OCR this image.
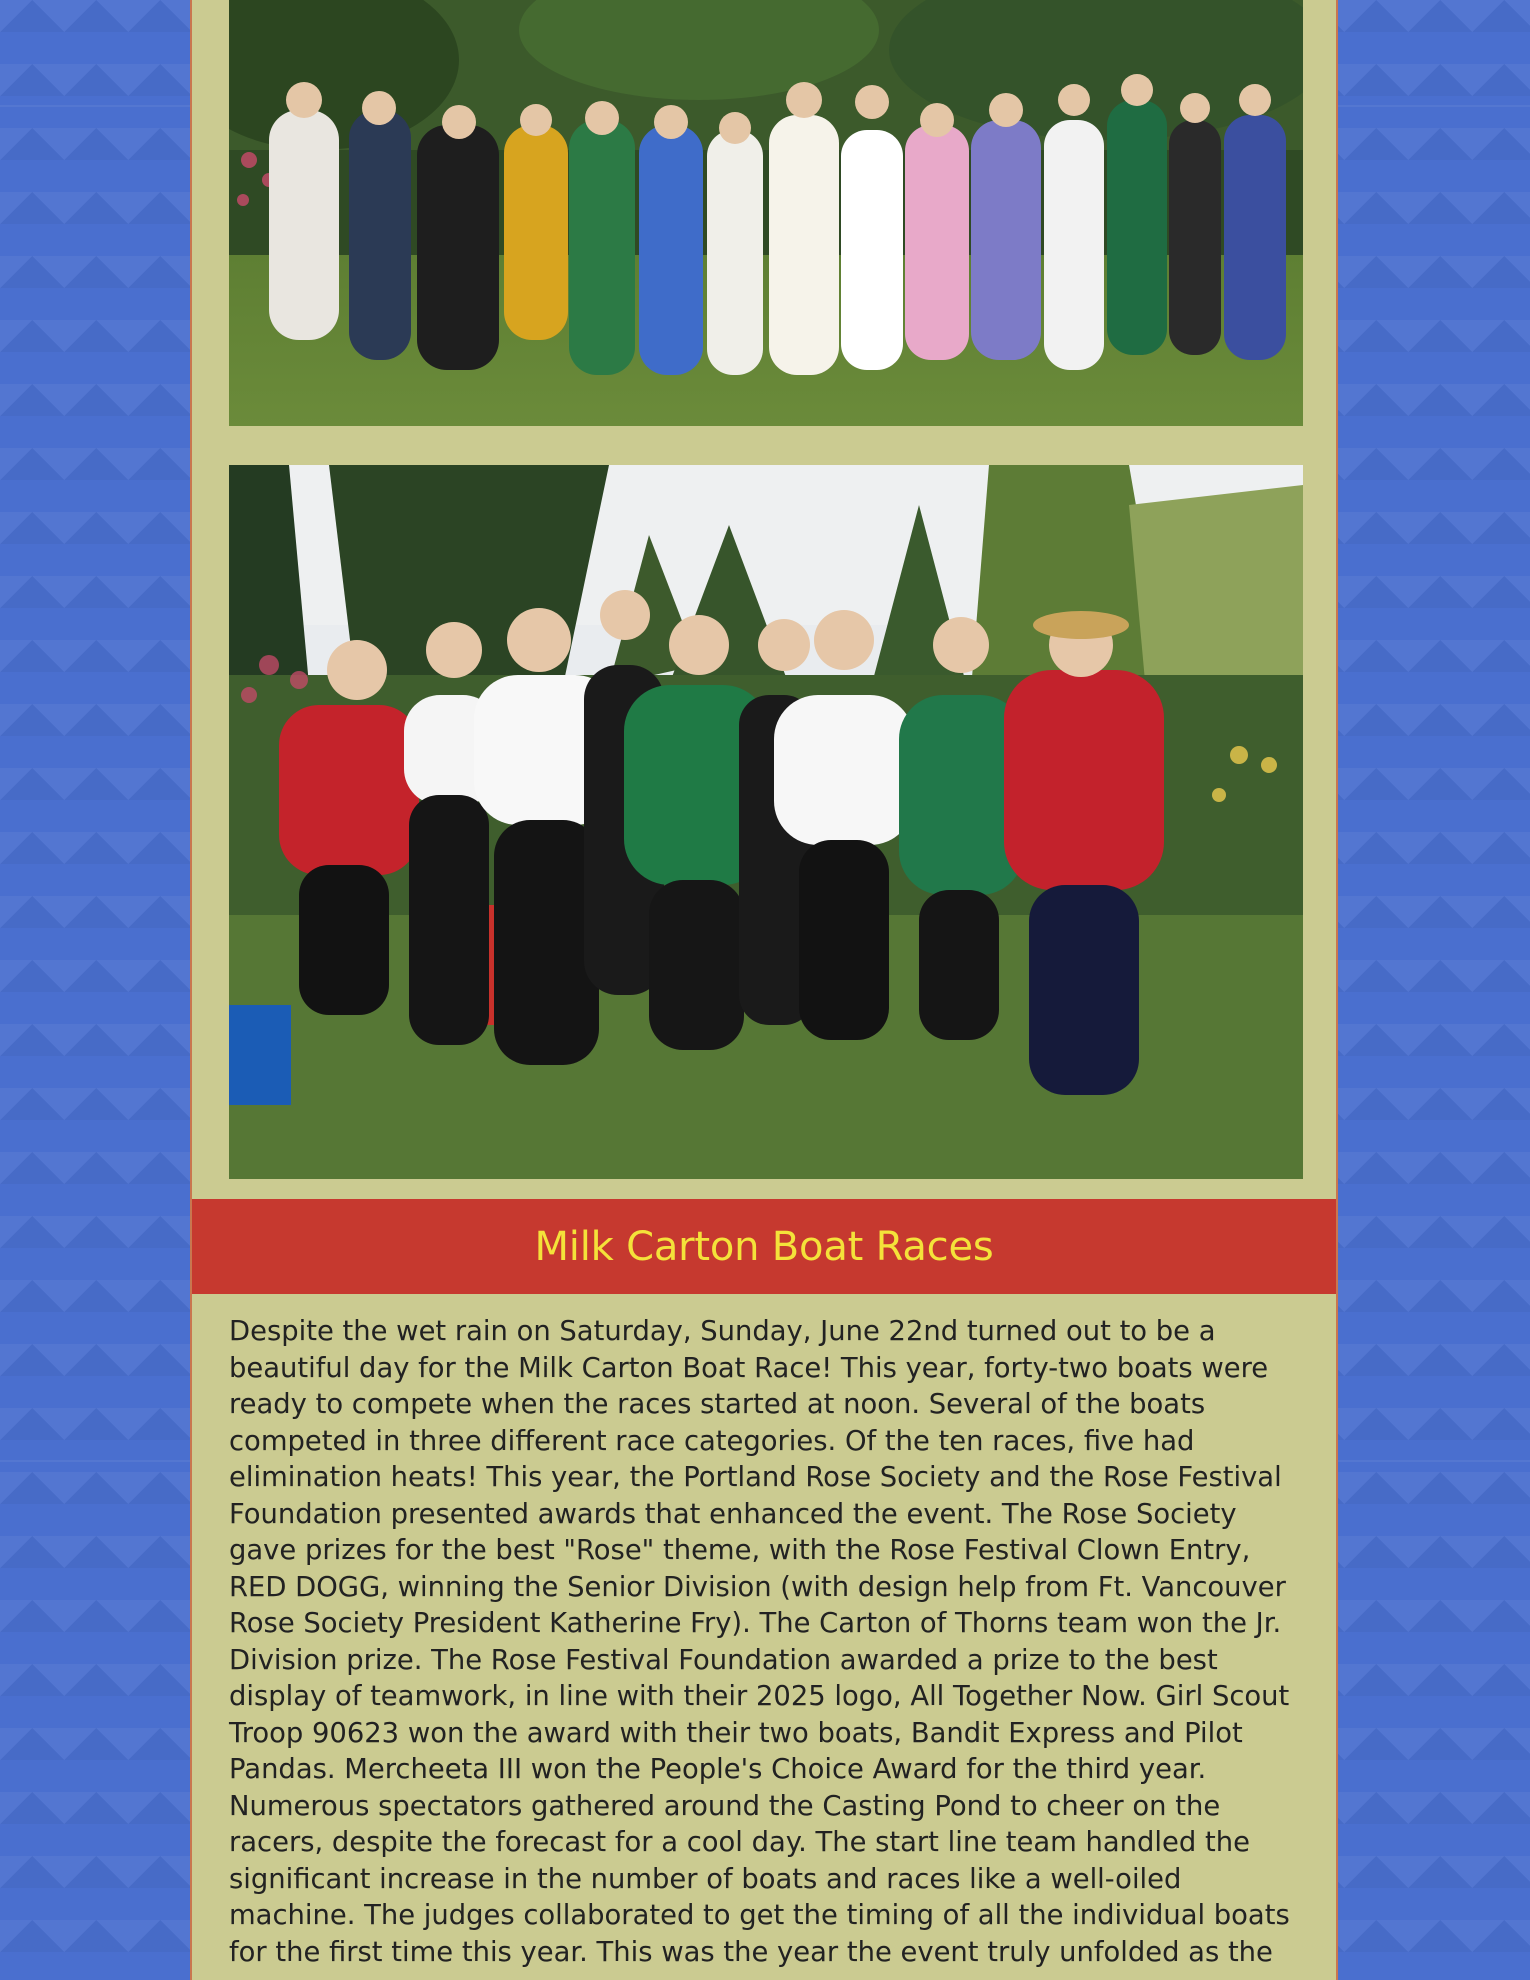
Milk Carton Boat Races

Despite the wet rain on Saturday, Sunday, June 22nd turned out to be a beautiful day for the Milk Carton Boat Race! This year, forty-two boats were ready to compete when the races started at noon. Several of the boats competed in three different race categories. Of the ten races, five had elimination heats! This year, the Portland Rose Society and the Rose Festival Foundation presented awards that enhanced the event. The Rose Society gave prizes for the best "Rose" theme, with the Rose Festival Clown Entry, RED DOGG, winning the Senior Division (with design help from Ft. Vancouver Rose Society President Katherine Fry). The Carton of Thorns team won the Jr. Division prize. The Rose Festival Foundation awarded a prize to the best display of teamwork, in line with their 2025 logo, All Together Now. Girl Scout Troop 90623 won the award with their two boats, Bandit Express and Pilot Pandas. Mercheeta III won the People's Choice Award for the third year. Numerous spectators gathered around the Casting Pond to cheer on the racers, despite the forecast for a cool day. The start line team handled the significant increase in the number of boats and races like a well-oiled machine. The judges collaborated to get the timing of all the individual boats for the first time this year. This was the year the event truly unfolded as the
